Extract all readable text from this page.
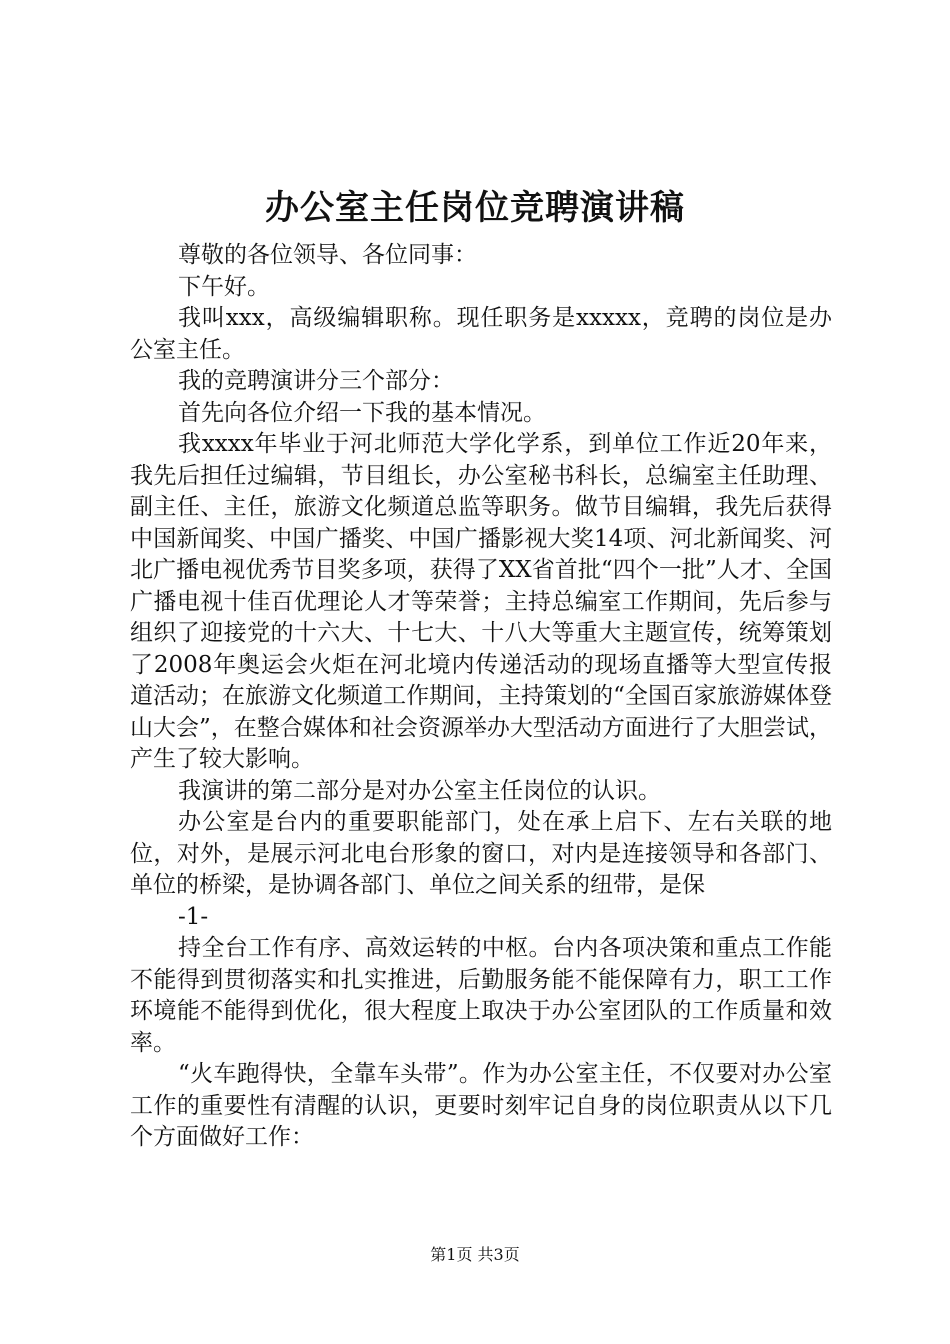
办公室主任岗位竞聘演讲稿

尊敬的各位领导、各位同事：

下午好。

我叫xxx，高级编辑职称。现任职务是xxxxx，竞聘的岗位是办公室主任。

我的竞聘演讲分三个部分：

首先向各位介绍一下我的基本情况。

我xxxx年毕业于河北师范大学化学系，到单位工作近20年来，我先后担任过编辑，节目组长，办公室秘书科长，总编室主任助理、副主任、主任，旅游文化频道总监等职务。做节目编辑，我先后获得中国新闻奖、中国广播奖、中国广播影视大奖14项、河北新闻奖、河北广播电视优秀节目奖多项，获得了XX省首批“四个一批”人才、全国广播电视十佳百优理论人才等荣誉；主持总编室工作期间，先后参与组织了迎接党的十六大、十七大、十八大等重大主题宣传，统筹策划了2008年奥运会火炬在河北境内传递活动的现场直播等大型宣传报道活动；在旅游文化频道工作期间，主持策划的“全国百家旅游媒体登山大会”，在整合媒体和社会资源举办大型活动方面进行了大胆尝试，产生了较大影响。

我演讲的第二部分是对办公室主任岗位的认识。

办公室是台内的重要职能部门，处在承上启下、左右关联的地位，对外，是展示河北电台形象的窗口，对内是连接领导和各部门、单位的桥梁，是协调各部门、单位之间关系的纽带，是保

-1-

持全台工作有序、高效运转的中枢。台内各项决策和重点工作能不能得到贯彻落实和扎实推进，后勤服务能不能保障有力，职工工作环境能不能得到优化，很大程度上取决于办公室团队的工作质量和效率。

“火车跑得快，全靠车头带”。作为办公室主任，不仅要对办公室工作的重要性有清醒的认识，更要时刻牢记自身的岗位职责从以下几个方面做好工作：

第1页 共3页
